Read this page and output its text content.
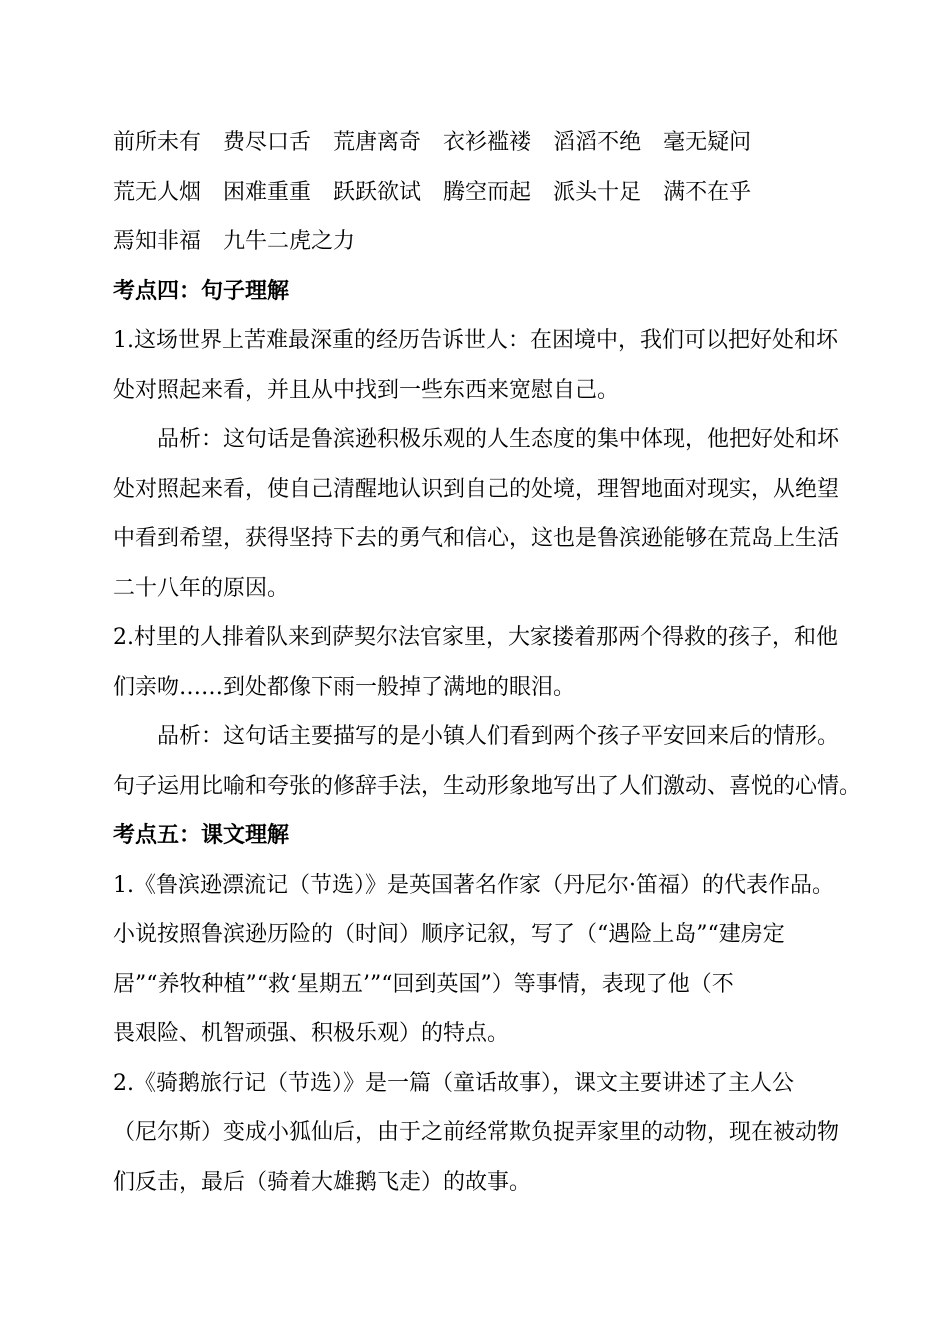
前所未有 费尽口舌 荒唐离奇 衣衫褴褛 滔滔不绝 毫无疑问

荒无人烟 困难重重 跃跃欲试 腾空而起 派头十足 满不在乎

焉知非福 九牛二虎之力

考点四：句子理解

1.这场世界上苦难最深重的经历告诉世人：在困境中，我们可以把好处和坏

处对照起来看，并且从中找到一些东西来宽慰自己。

品析：这句话是鲁滨逊积极乐观的人生态度的集中体现，他把好处和坏

处对照起来看，使自己清醒地认识到自己的处境，理智地面对现实，从绝望

中看到希望，获得坚持下去的勇气和信心，这也是鲁滨逊能够在荒岛上生活

二十八年的原因。

2.村里的人排着队来到萨契尔法官家里，大家搂着那两个得救的孩子，和他

们亲吻……到处都像下雨一般掉了满地的眼泪。

品析：这句话主要描写的是小镇人们看到两个孩子平安回来后的情形。

句子运用比喻和夸张的修辞手法，生动形象地写出了人们激动、喜悦的心情。

考点五：课文理解

1.《鲁滨逊漂流记（节选）》是英国著名作家（丹尼尔·笛福）的代表作品。

小说按照鲁滨逊历险的（时间）顺序记叙，写了（“遇险上岛”“建房定

居”“养牧种植”“救‘星期五’”“回到英国”）等事情，表现了他（不

畏艰险、机智顽强、积极乐观）的特点。

2.《骑鹅旅行记（节选）》是一篇（童话故事），课文主要讲述了主人公

（尼尔斯）变成小狐仙后，由于之前经常欺负捉弄家里的动物，现在被动物

们反击，最后（骑着大雄鹅飞走）的故事。
